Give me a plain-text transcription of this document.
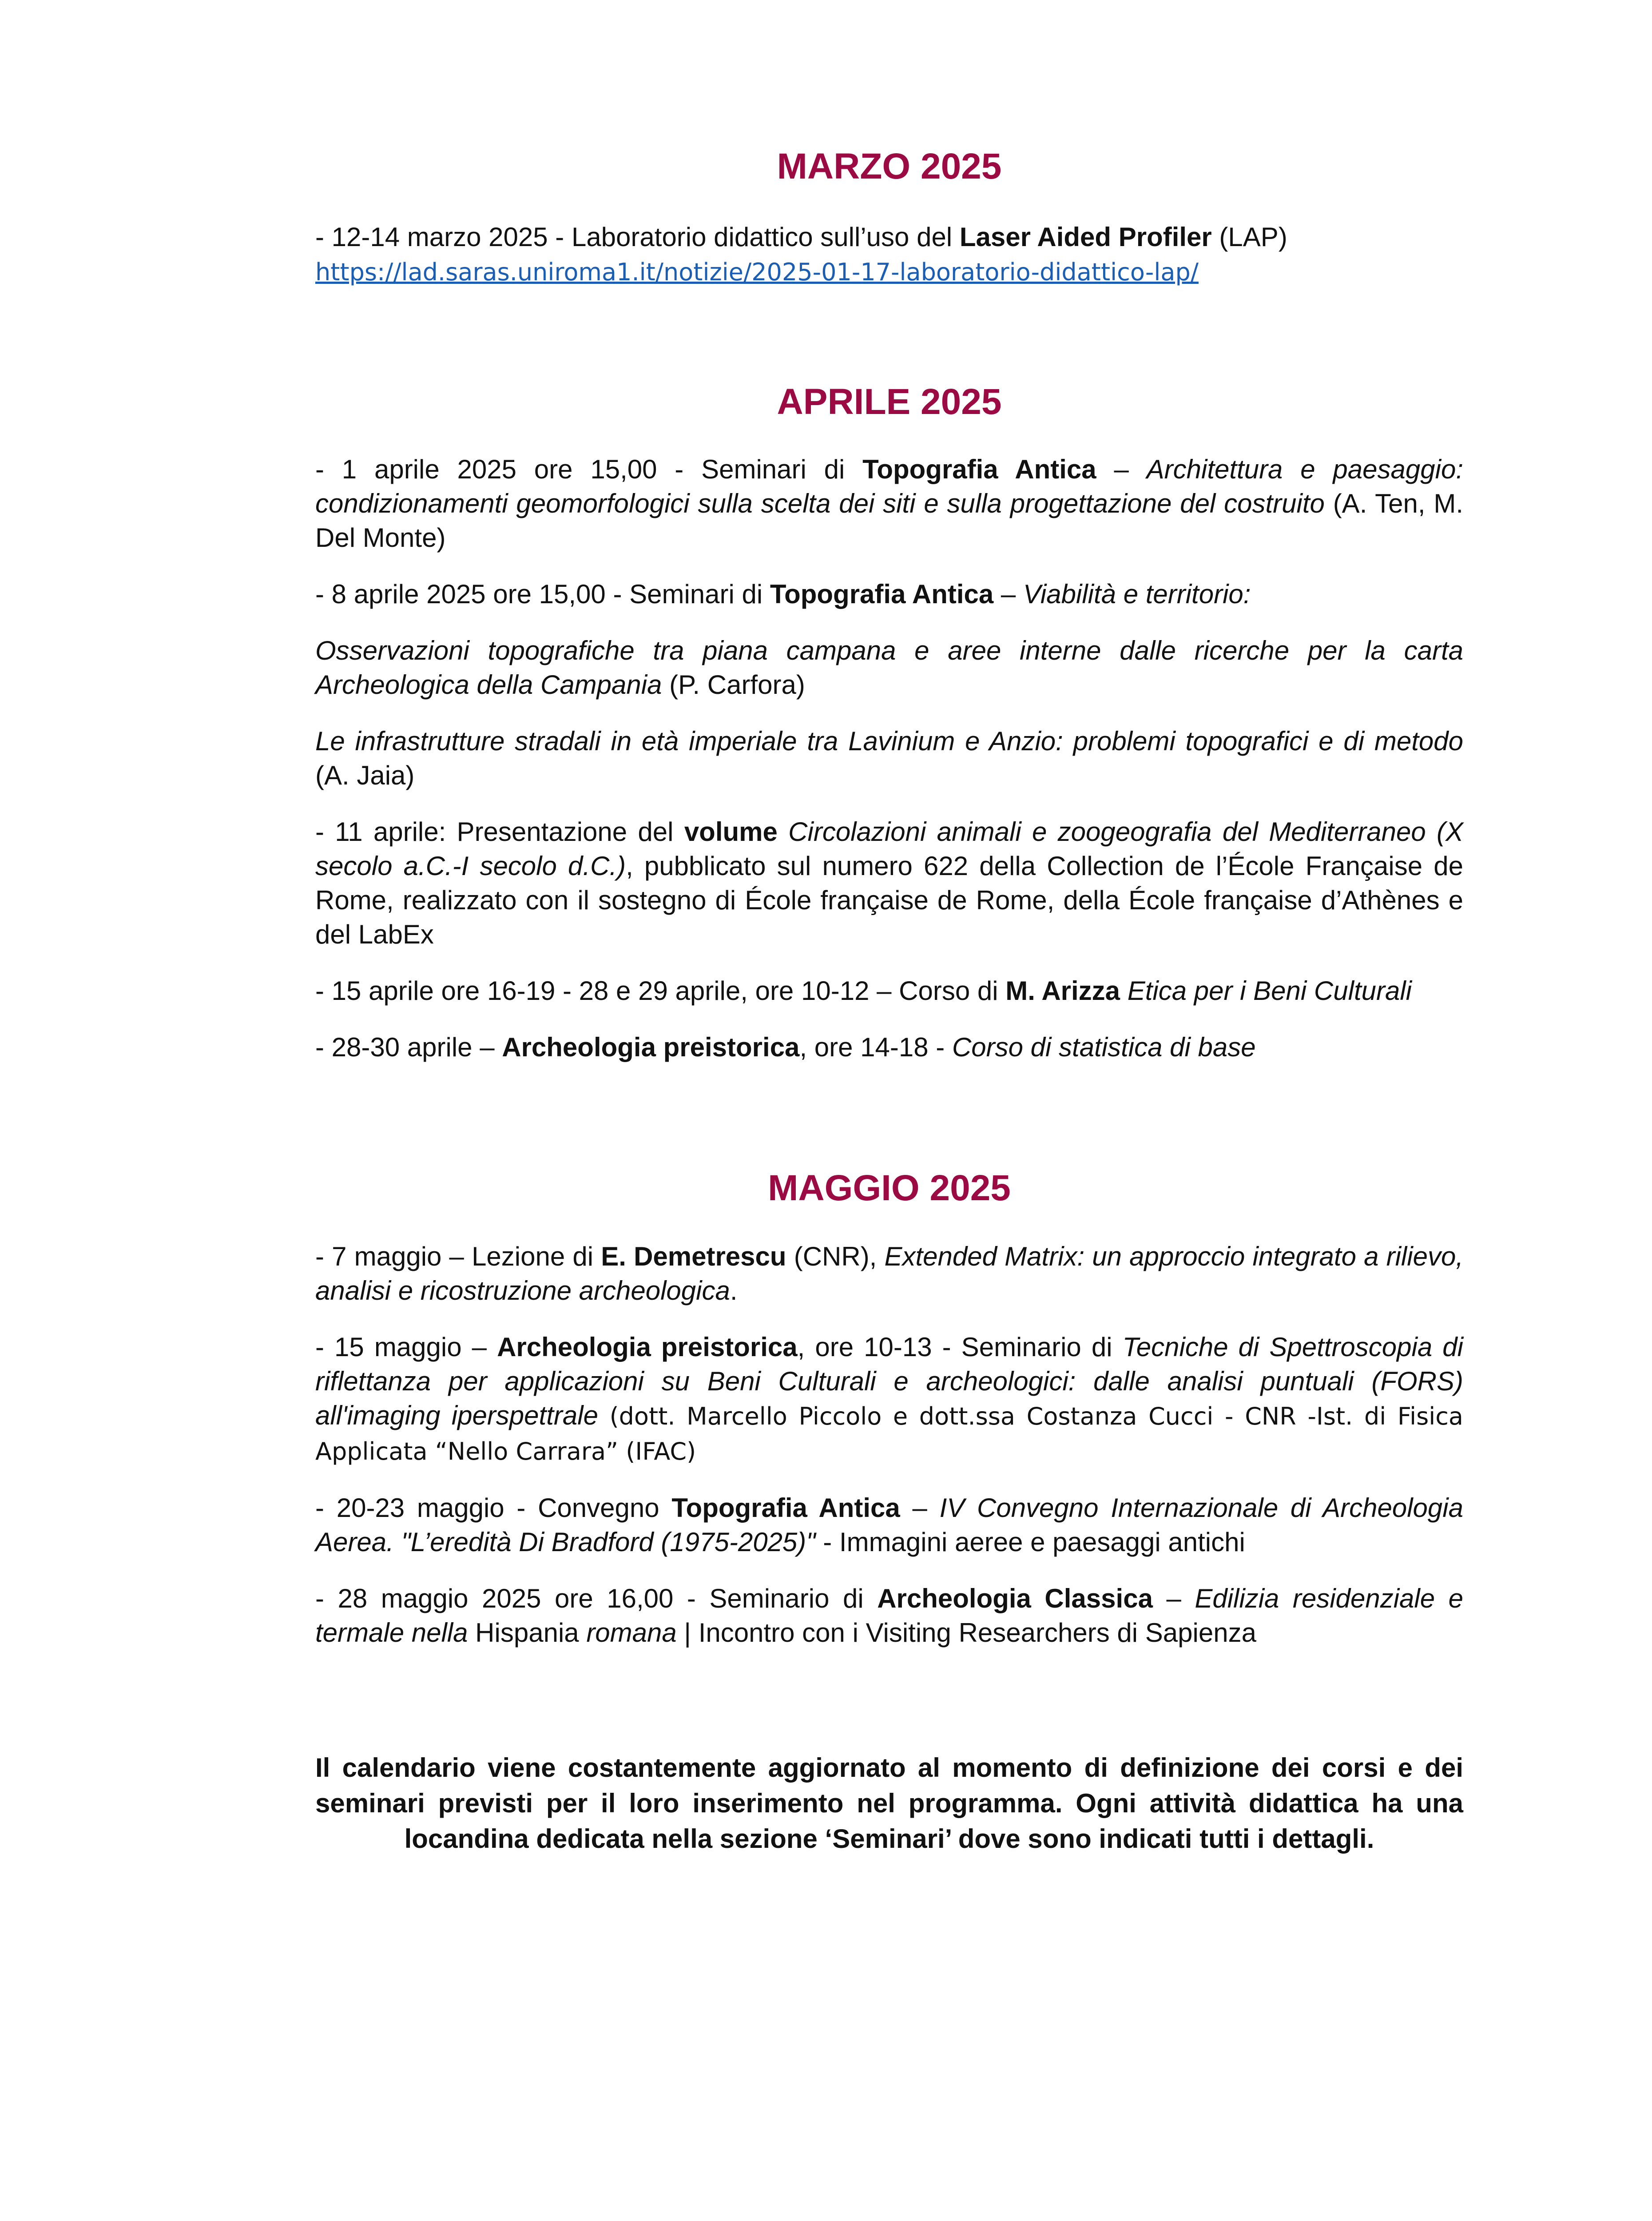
MARZO 2025

- 12-14 marzo 2025 - Laboratorio didattico sull’uso del Laser Aided Profiler (LAP)
https://lad.saras.uniroma1.it/notizie/2025-01-17-laboratorio-didattico-lap/

APRILE 2025

- 1 aprile 2025 ore 15,00 - Seminari di Topografia Antica – Architettura e paesaggio: condizionamenti geomorfologici sulla scelta dei siti e sulla progettazione del costruito (A. Ten, M. Del Monte)

- 8 aprile 2025 ore 15,00 - Seminari di Topografia Antica – Viabilità e territorio:

Osservazioni topografiche tra piana campana e aree interne dalle ricerche per la carta Archeologica della Campania (P. Carfora)

Le infrastrutture stradali in età imperiale tra Lavinium e Anzio: problemi topografici e di metodo (A. Jaia)

- 11 aprile: Presentazione del volume Circolazioni animali e zoogeografia del Mediterraneo (X secolo a.C.-I secolo d.C.), pubblicato sul numero 622 della Collection de l’École Française de Rome, realizzato con il sostegno di École française de Rome, della École française d’Athènes e del LabEx

- 15 aprile ore 16-19 - 28 e 29 aprile, ore 10-12 – Corso di M. Arizza Etica per i Beni Culturali

- 28-30 aprile – Archeologia preistorica, ore 14-18 - Corso di statistica di base

MAGGIO 2025

- 7 maggio – Lezione di E. Demetrescu (CNR), Extended Matrix: un approccio integrato a rilievo, analisi e ricostruzione archeologica.

- 15 maggio – Archeologia preistorica, ore 10-13 - Seminario di Tecniche di Spettroscopia di riflettanza per applicazioni su Beni Culturali e archeologici: dalle analisi puntuali (FORS) all'imaging iperspettrale (dott. Marcello Piccolo e dott.ssa Costanza Cucci - CNR -Ist. di Fisica Applicata “Nello Carrara” (IFAC)

- 20-23 maggio - Convegno Topografia Antica – IV Convegno Internazionale di Archeologia Aerea. "L’eredità Di Bradford (1975-2025)" - Immagini aeree e paesaggi antichi

- 28 maggio 2025 ore 16,00 - Seminario di Archeologia Classica – Edilizia residenziale e termale nella Hispania romana | Incontro con i Visiting Researchers di Sapienza

Il calendario viene costantemente aggiornato al momento di definizione dei corsi e dei seminari previsti per il loro inserimento nel programma. Ogni attività didattica ha una locandina dedicata nella sezione ‘Seminari’ dove sono indicati tutti i dettagli.
